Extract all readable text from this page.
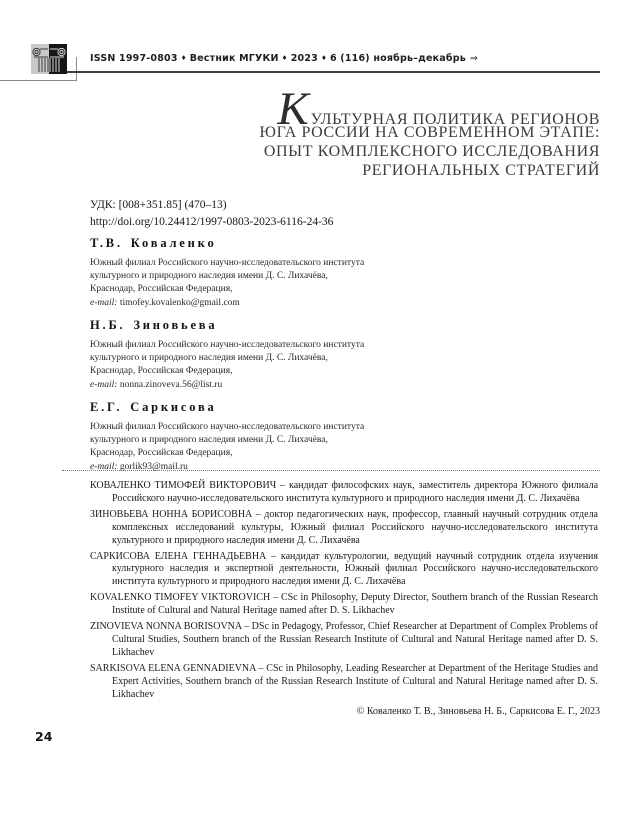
ISSN 1997-0803 ♦ Вестник МГУКИ ♦ 2023 ♦ 6 (116) ноябрь–декабрь ⇒
К УЛЬТУРНАЯ ПОЛИТИКА РЕГИОНОВ
ЮГА РОССИИ НА СОВРЕМЕННОМ ЭТАПЕ:
ОПЫТ КОМПЛЕКСНОГО ИССЛЕДОВАНИЯ
РЕГИОНАЛЬНЫХ СТРАТЕГИЙ
УДК: [008+351.85] (470–13)
http://doi.org/10.24412/1997-0803-2023-6116-24-36
Т.В. Коваленко
Южный филиал Российского научно-исследовательского института
культурного и природного наследия имени Д. С. Лихачёва,
Краснодар, Российская Федерация,
e-mail: timofey.kovalenko@gmail.com
Н.Б. Зиновьева
Южный филиал Российского научно-исследовательского института
культурного и природного наследия имени Д. С. Лихачёва,
Краснодар, Российская Федерация,
e-mail: nonna.zinoveva.56@list.ru
Е.Г. Саркисова
Южный филиал Российского научно-исследовательского института
культурного и природного наследия имени Д. С. Лихачёва,
Краснодар, Российская Федерация,
e-mail: gorlik93@mail.ru

КОВАЛЕНКО ТИМОФЕЙ ВИКТОРОВИЧ – кандидат философских наук, заместитель директора Южного филиала Российского научно-исследовательского института культурного и природного наследия имени Д. С. Лихачёва

ЗИНОВЬЕВА НОННА БОРИСОВНА – доктор педагогических наук, профессор, главный научный сотрудник отдела комплексных исследований культуры, Южный филиал Российского научно-исследовательского института культурного и природного наследия имени Д. С. Лихачёва

САРКИСОВА ЕЛЕНА ГЕННАДЬЕВНА – кандидат культурологии, ведущий научный сотрудник отдела изучения культурного наследия и экспертной деятельности, Южный филиал Российского научно-исследовательского института культурного и природного наследия имени Д. С. Лихачёва

KOVALENKO TIMOFEY VIKTOROVICH – CSc in Philosophy, Deputy Director, Southern branch of the Russian Research Institute of Cultural and Natural Heritage named after D. S. Likhachev

ZINOVIEVA NONNA BORISOVNA – DSc in Pedagogy, Professor, Chief Researcher at Department of Complex Problems of Cultural Studies, Southern branch of the Russian Research Institute of Cultural and Natural Heritage named after D. S. Likhachev

SARKISOVA ELENA GENNADIEVNA – CSc in Philosophy, Leading Researcher at Department of the Heritage Studies and Expert Activities, Southern branch of the Russian Research Institute of Cultural and Natural Heritage named after D. S. Likhachev

© Коваленко Т. В., Зиновьева Н. Б., Саркисова Е. Г., 2023
24
